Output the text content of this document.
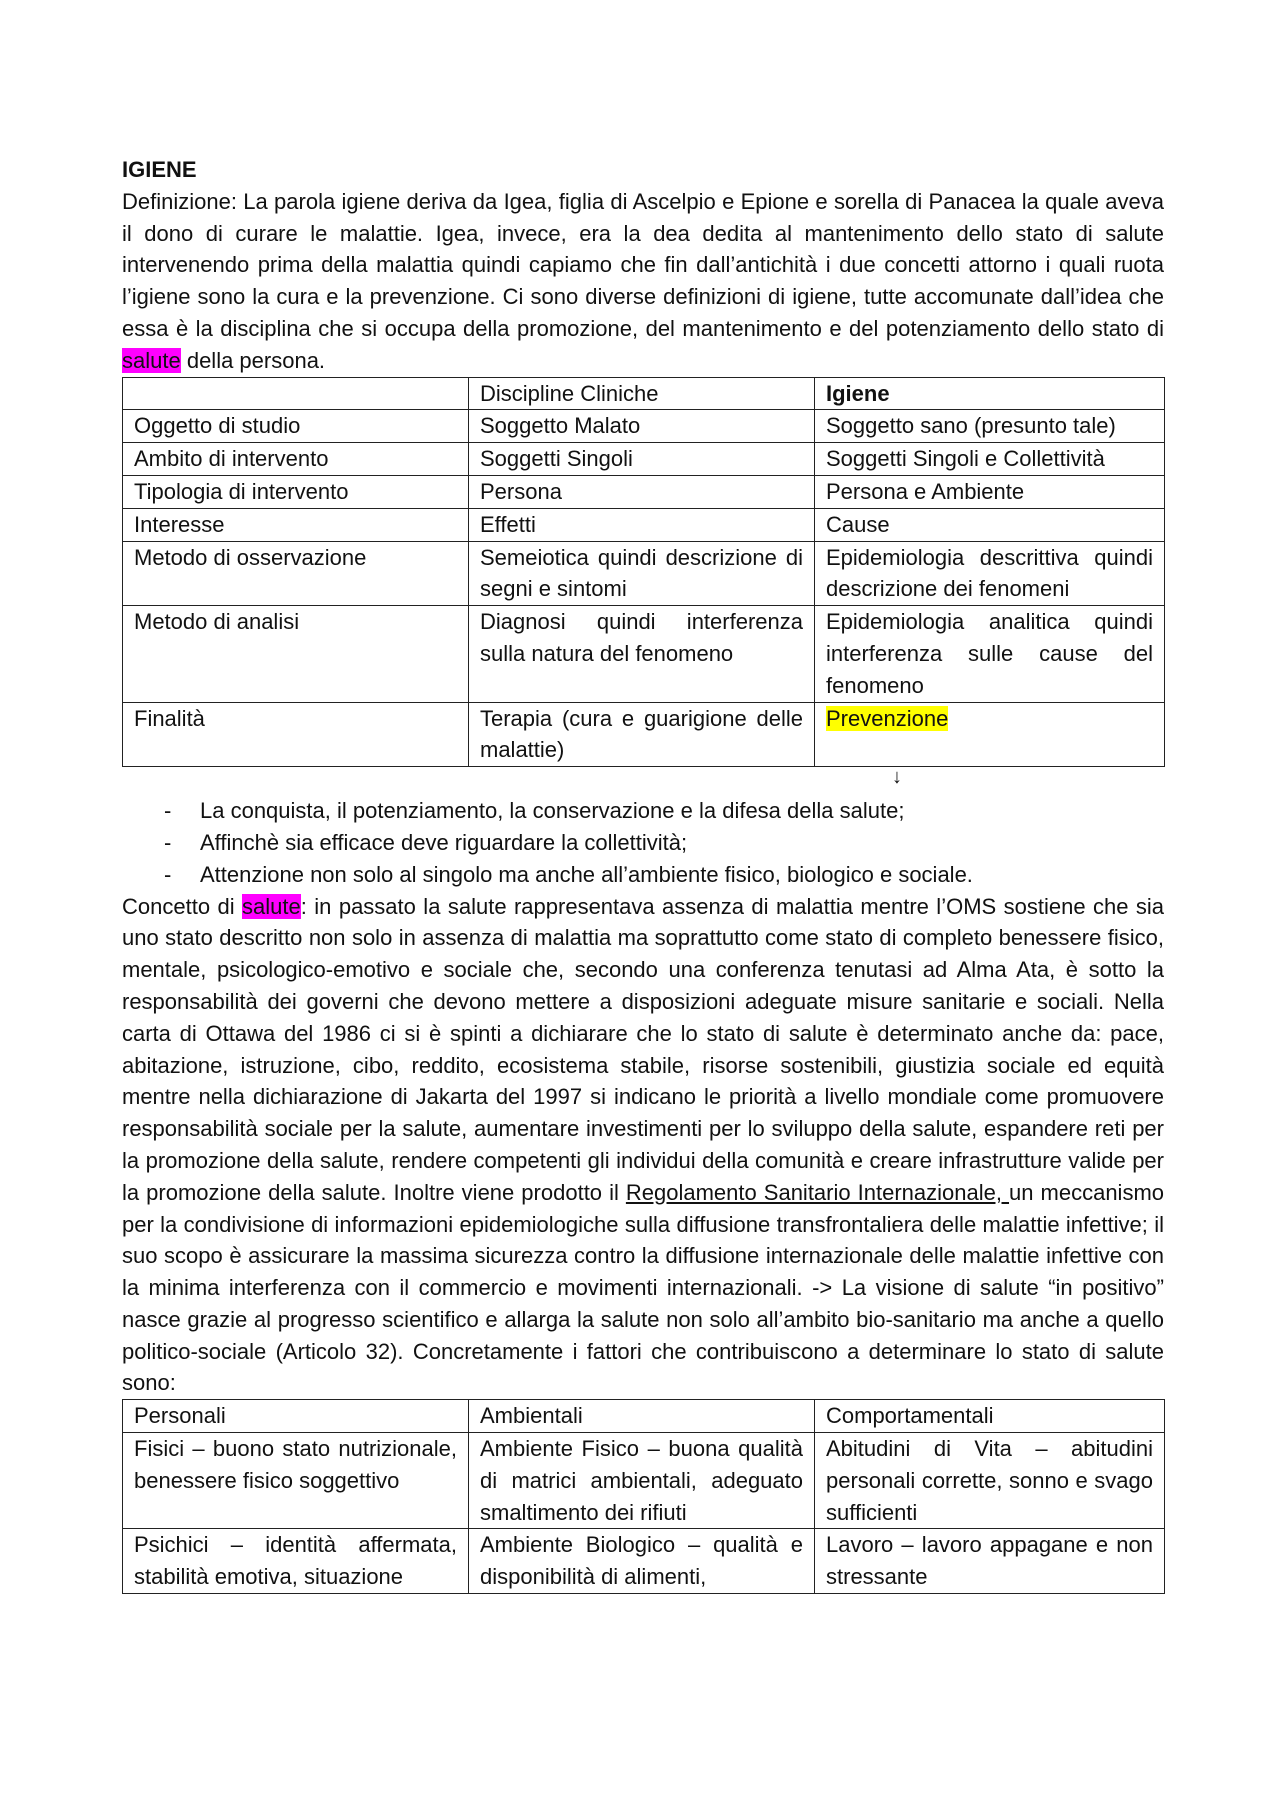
IGIENE
Definizione: La parola igiene deriva da Igea, figlia di Ascelpio e Epione e sorella di Panacea la quale aveva il dono di curare le malattie. Igea, invece, era la dea dedita al mantenimento dello stato di salute intervenendo prima della malattia quindi capiamo che fin dall’antichità i due concetti attorno i quali ruota l’igiene sono la cura e la prevenzione. Ci sono diverse definizioni di igiene, tutte accomunate dall’idea che essa è la disciplina che si occupa della promozione, del mantenimento e del potenziamento dello stato di salute della persona.
	Discipline Cliniche	Igiene
Oggetto di studio	Soggetto Malato	Soggetto sano (presunto tale)
Ambito di intervento	Soggetti Singoli	Soggetti Singoli e Collettività
Tipologia di intervento	Persona	Persona e Ambiente
Interesse	Effetti	Cause
Metodo di osservazione	Semeiotica quindi descrizione di segni e sintomi	Epidemiologia descrittiva quindi descrizione dei fenomeni
Metodo di analisi	Diagnosi quindi interferenza sulla natura del fenomeno	Epidemiologia analitica quindi interferenza sulle cause del fenomeno
Finalità	Terapia (cura e guarigione delle malattie)	Prevenzione
↓
- La conquista, il potenziamento, la conservazione e la difesa della salute;
- Affinchè sia efficace deve riguardare la collettività;
- Attenzione non solo al singolo ma anche all’ambiente fisico, biologico e sociale.
Concetto di salute: in passato la salute rappresentava assenza di malattia mentre l’OMS sostiene che sia uno stato descritto non solo in assenza di malattia ma soprattutto come stato di completo benessere fisico, mentale, psicologico-emotivo e sociale che, secondo una conferenza tenutasi ad Alma Ata, è sotto la responsabilità dei governi che devono mettere a disposizioni adeguate misure sanitarie e sociali. Nella carta di Ottawa del 1986 ci si è spinti a dichiarare che lo stato di salute è determinato anche da: pace, abitazione, istruzione, cibo, reddito, ecosistema stabile, risorse sostenibili, giustizia sociale ed equità mentre nella dichiarazione di Jakarta del 1997 si indicano le priorità a livello mondiale come promuovere responsabilità sociale per la salute, aumentare investimenti per lo sviluppo della salute, espandere reti per la promozione della salute, rendere competenti gli individui della comunità e creare infrastrutture valide per la promozione della salute. Inoltre viene prodotto il Regolamento Sanitario Internazionale, un meccanismo per la condivisione di informazioni epidemiologiche sulla diffusione transfrontaliera delle malattie infettive; il suo scopo è assicurare la massima sicurezza contro la diffusione internazionale delle malattie infettive con la minima interferenza con il commercio e movimenti internazionali. -> La visione di salute “in positivo” nasce grazie al progresso scientifico e allarga la salute non solo all’ambito bio-sanitario ma anche a quello politico-sociale (Articolo 32). Concretamente i fattori che contribuiscono a determinare lo stato di salute sono:
Personali	Ambientali	Comportamentali
Fisici – buono stato nutrizionale, benessere fisico soggettivo	Ambiente Fisico – buona qualità di matrici ambientali, adeguato smaltimento dei rifiuti	Abitudini di Vita – abitudini personali corrette, sonno e svago sufficienti
Psichici – identità affermata, stabilità emotiva, situazione	Ambiente Biologico – qualità e disponibilità di alimenti,	Lavoro – lavoro appagane e non stressante
